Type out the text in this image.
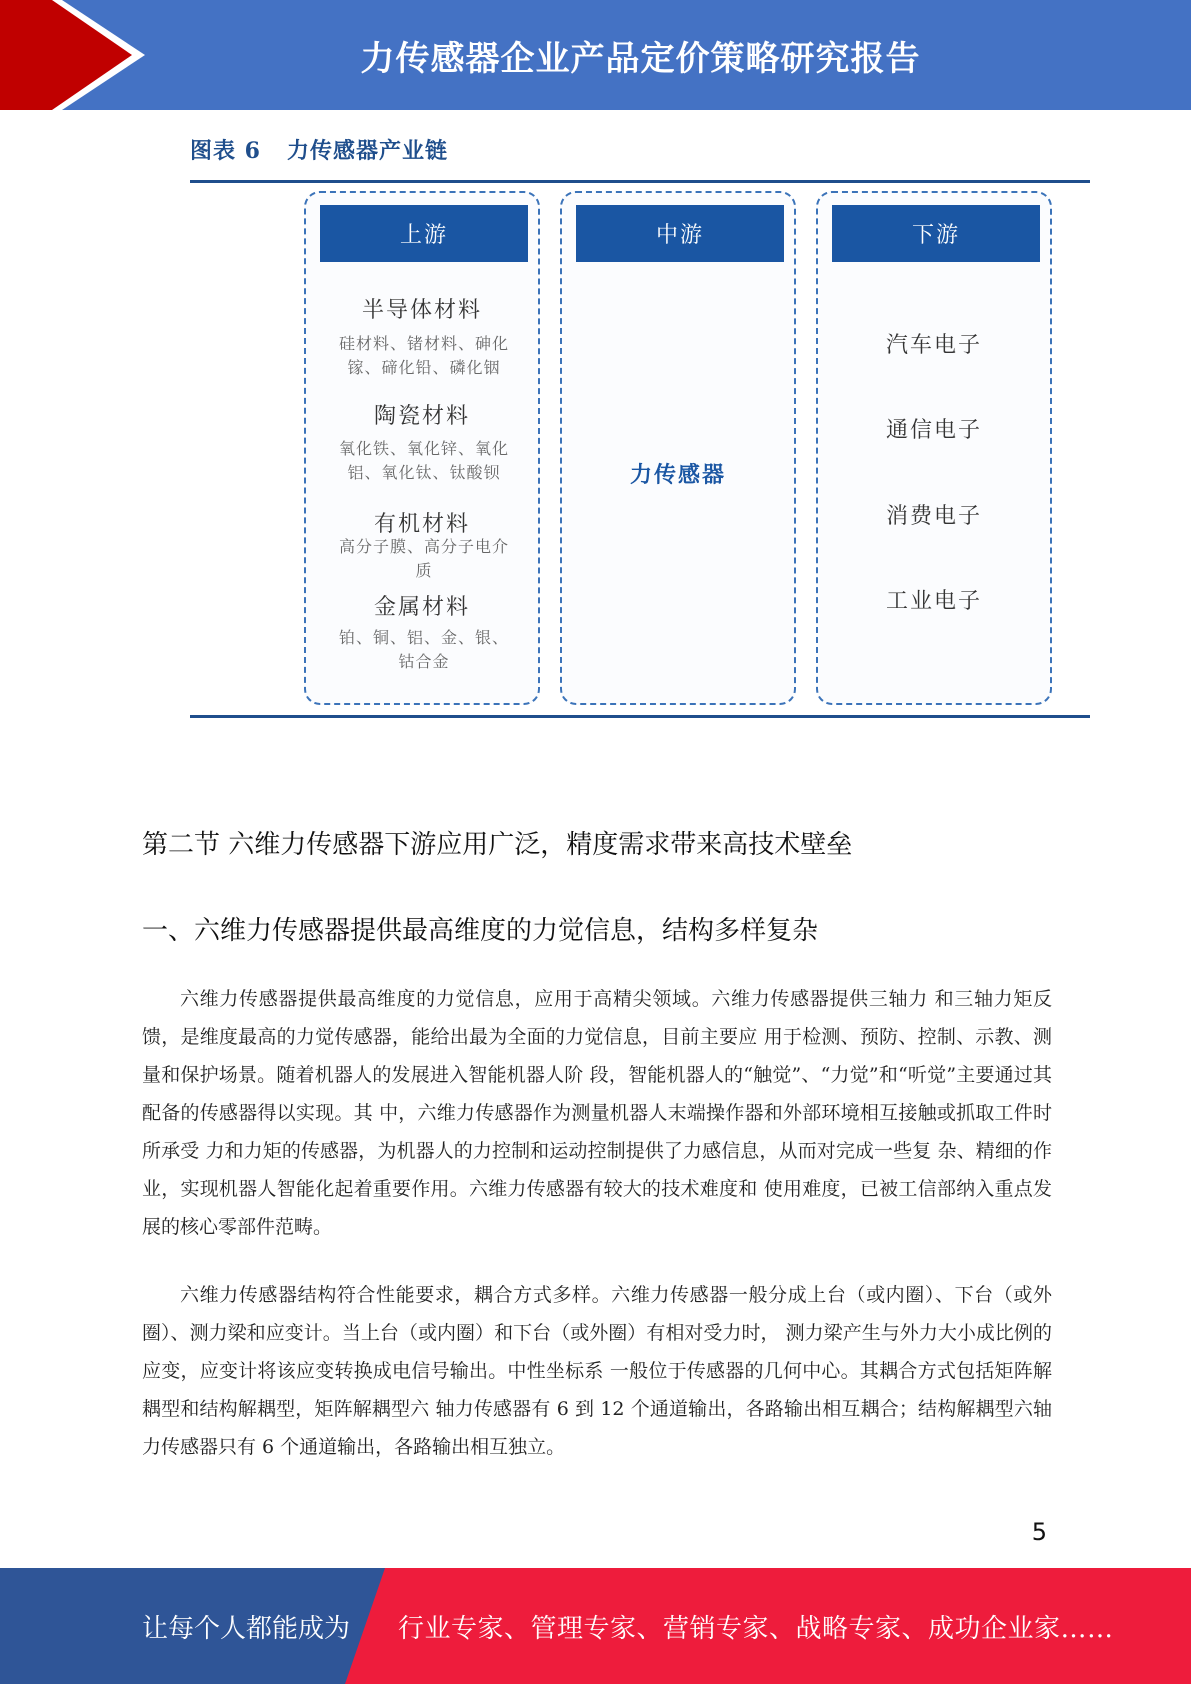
力传感器企业产品定价策略研究报告
图表 6 力传感器产业链
上游
半导体材料
硅材料、锗材料、砷化
镓、碲化铅、磷化铟
陶瓷材料
氧化铁、氧化锌、氧化
铝、氧化钛、钛酸钡
有机材料
高分子膜、高分子电介
质
金属材料
铂、铜、铝、金、银、
钴合金
中游
力传感器
下游
汽车电子
通信电子
消费电子
工业电子
第二节 六维力传感器下游应用广泛，精度需求带来高技术壁垒
一、六维力传感器提供最高维度的力觉信息，结构多样复杂

六维力传感器提供最高维度的力觉信息，应用于高精尖领域。六维力传感器提供三轴力 和三轴力矩反馈，是维度最高的力觉传感器，能给出最为全面的力觉信息，目前主要应 用于检测、预防、控制、示教、测量和保护场景。随着机器人的发展进入智能机器人阶 段，智能机器人的“触觉”、“力觉”和“听觉”主要通过其配备的传感器得以实现。其 中，六维力传感器作为测量机器人末端操作器和外部环境相互接触或抓取工件时所承受 力和力矩的传感器，为机器人的力控制和运动控制提供了力感信息，从而对完成一些复 杂、精细的作业，实现机器人智能化起着重要作用。六维力传感器有较大的技术难度和 使用难度，已被工信部纳入重点发展的核心零部件范畴。

六维力传感器结构符合性能要求，耦合方式多样。六维力传感器一般分成上台（或内圈）、下台（或外圈）、测力梁和应变计。当上台（或内圈）和下台（或外圈）有相对受力时， 测力梁产生与外力大小成比例的应变，应变计将该应变转换成电信号输出。中性坐标系 一般位于传感器的几何中心。其耦合方式包括矩阵解耦型和结构解耦型，矩阵解耦型六 轴力传感器有 6 到 12 个通道输出，各路输出相互耦合；结构解耦型六轴力传感器只有 6 个通道输出，各路输出相互独立。

5
让每个人都能成为 行业专家、管理专家、营销专家、战略专家、成功企业家……
